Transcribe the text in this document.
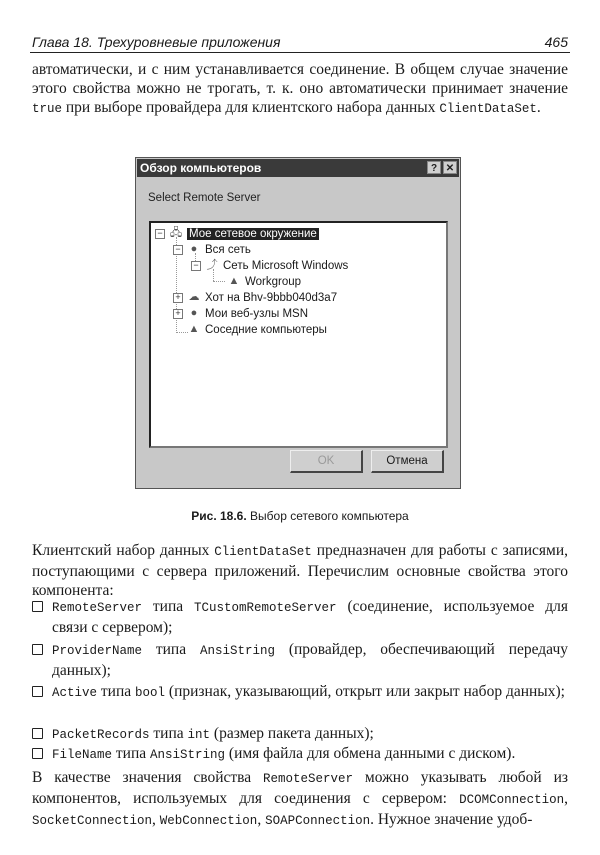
Глава 18. Трехуровневые приложения	465
автоматически, и с ним устанавливается соединение. В общем случае значение этого свойства можно не трогать, т. к. оно автоматически принимает значение true при выборе провайдера для клиентского набора данных ClientDataSet.
Обзор компьютеров	? ✕
Select Remote Server
− 🖧 Мое сетевое окружение
− ● Вся сеть
− ⤴ Сеть Microsoft Windows
▲ Workgroup
+ ☁ Хот на Bhv-9bbb040d3a7
+ ● Мои веб-узлы MSN
▲ Соседние компьютеры
OK	Отмена
Рис. 18.6. Выбор сетевого компьютера
Клиентский набор данных ClientDataSet предназначен для работы с записями, поступающими с сервера приложений. Перечислим основные свойства этого компонента:
RemoteServer типа TCustomRemoteServer (соединение, используемое для связи с сервером);
ProviderName типа AnsiString (провайдер, обеспечивающий передачу данных);
Active типа bool (признак, указывающий, открыт или закрыт набор данных);
PacketRecords типа int (размер пакета данных);
FileName типа AnsiString (имя файла для обмена данными с диском).
В качестве значения свойства RemoteServer можно указывать любой из компонентов, используемых для соединения с сервером: DCOMConnection, SocketConnection, WebConnection, SOAPConnection. Нужное значение удоб-
